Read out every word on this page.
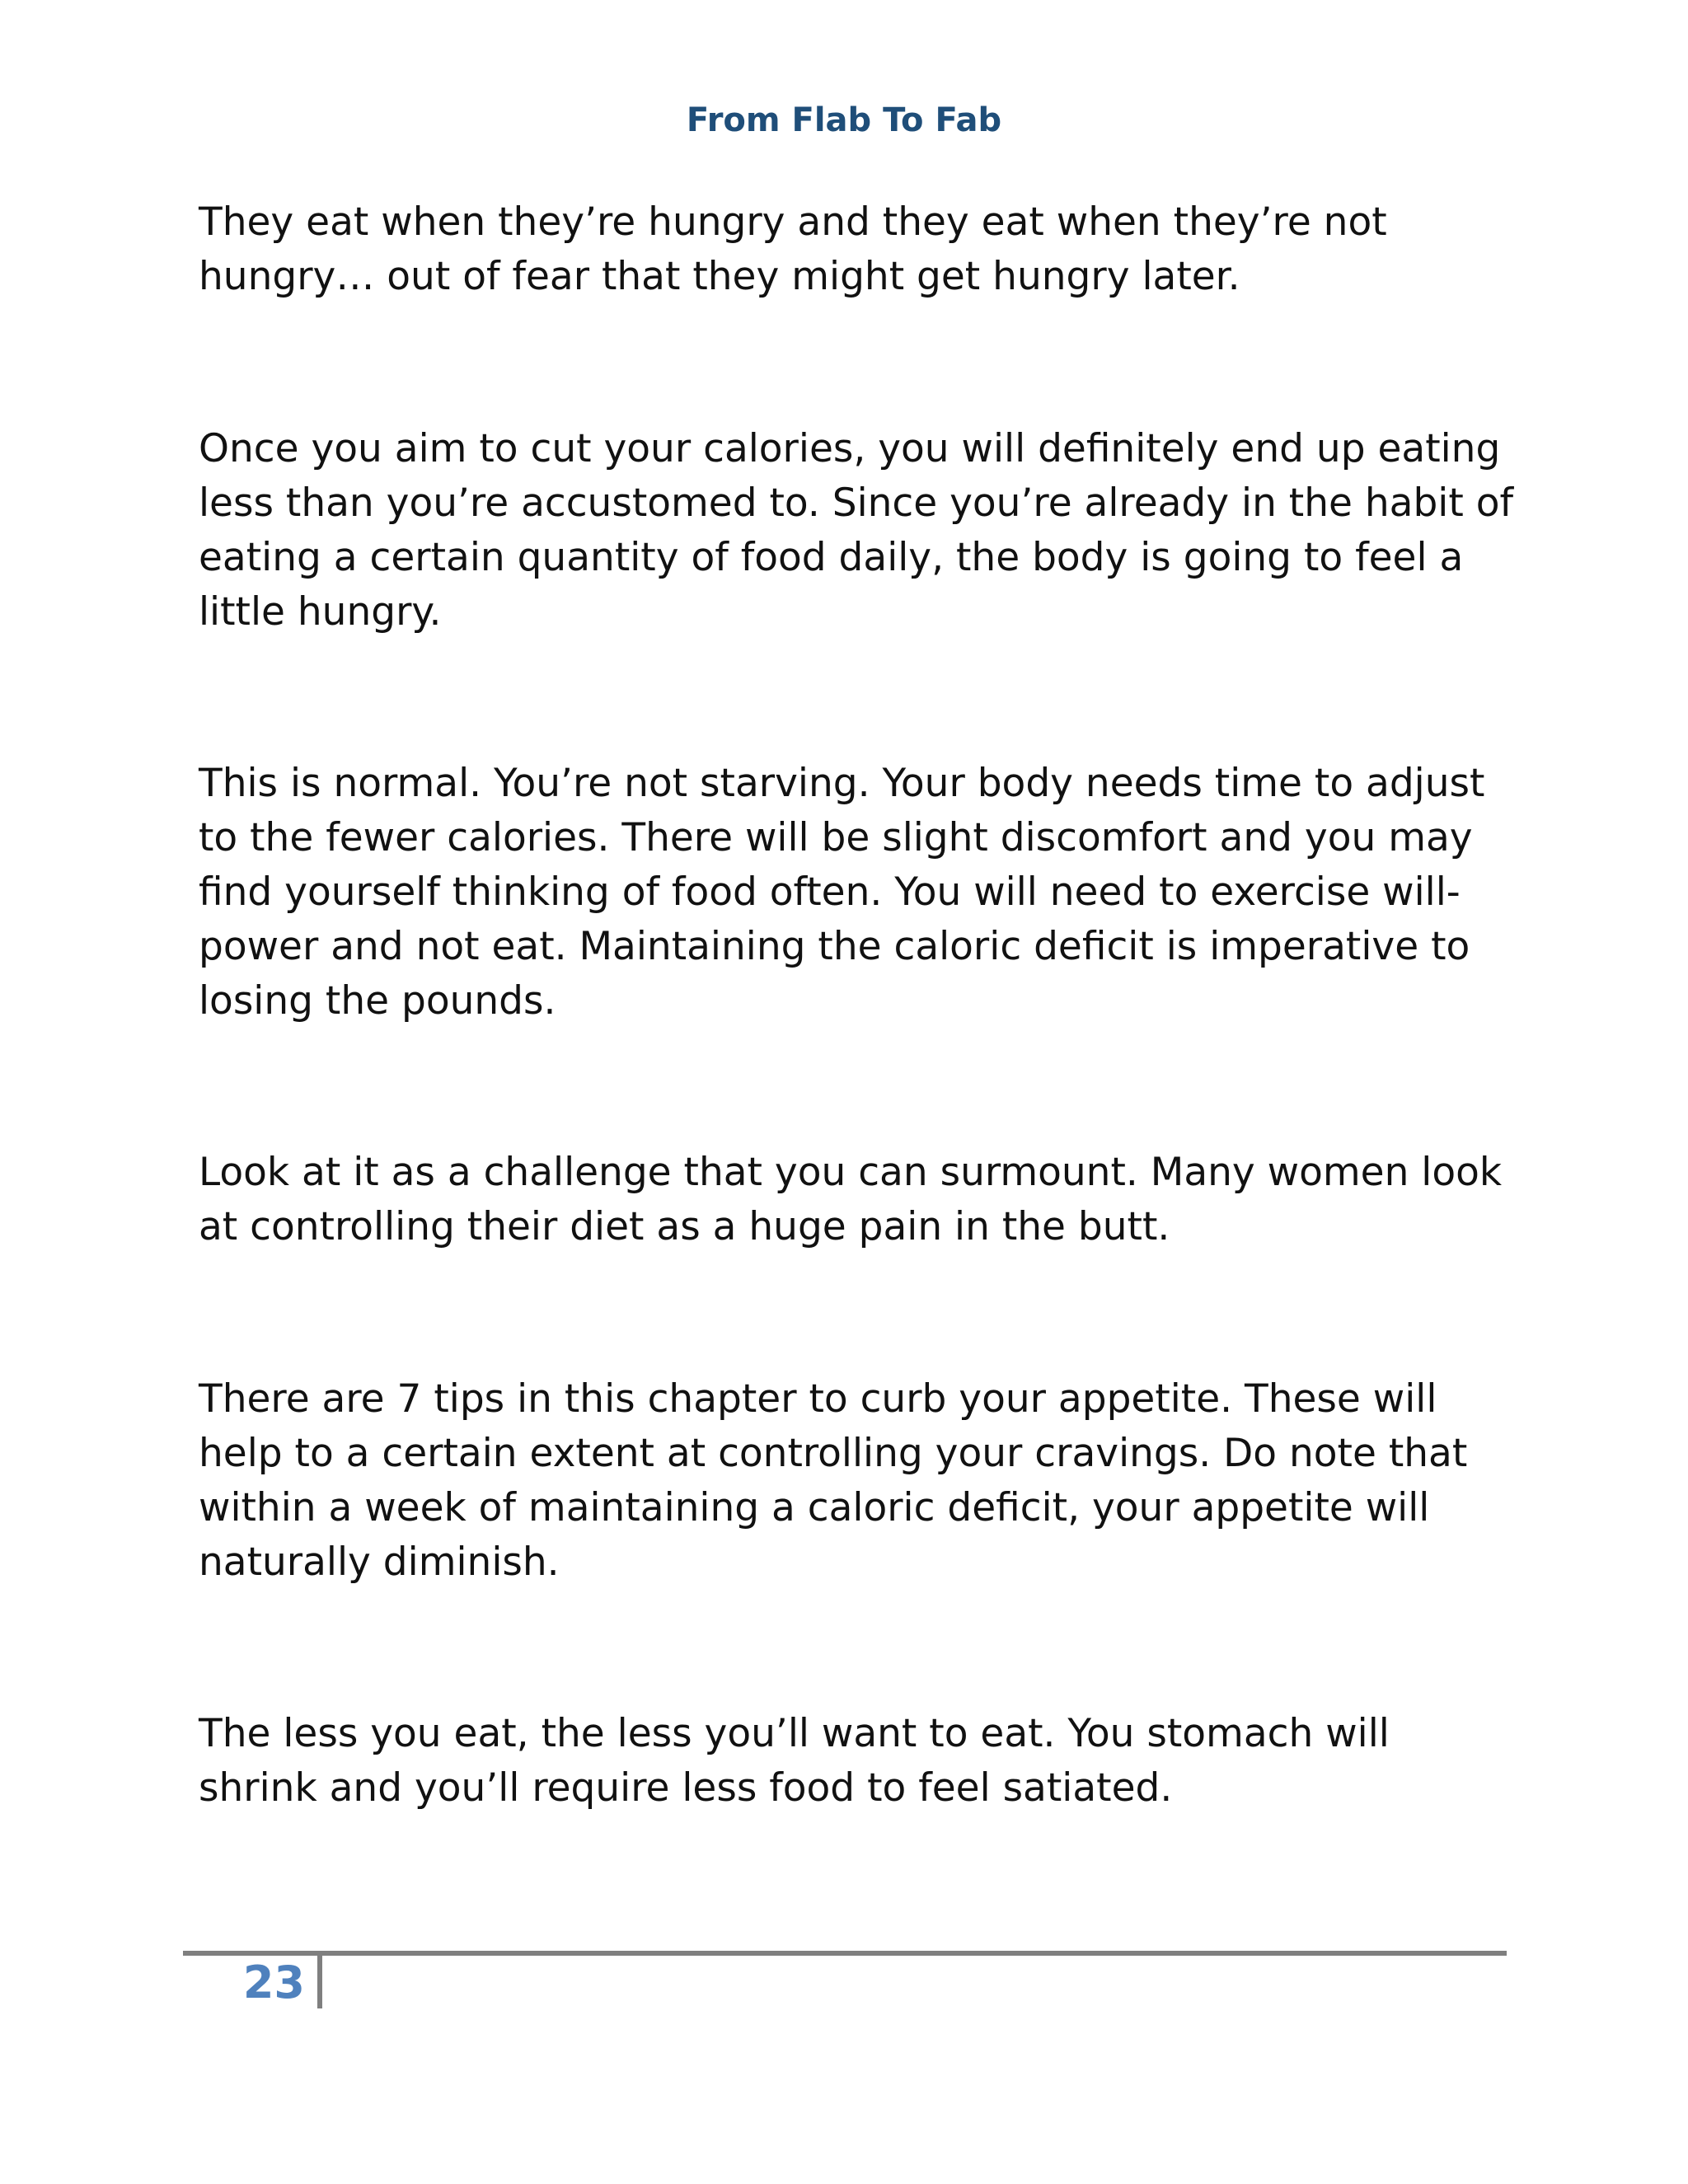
From Flab To Fab

They eat when they’re hungry and they eat when they’re not hungry… out of fear that they might get hungry later.

Once you aim to cut your calories, you will definitely end up eating less than you’re accustomed to. Since you’re already in the habit of eating a certain quantity of food daily, the body is going to feel a little hungry.

This is normal. You’re not starving. Your body needs time to adjust to the fewer calories. There will be slight discomfort and you may find yourself thinking of food often. You will need to exercise will-power and not eat. Maintaining the caloric deficit is imperative to losing the pounds.

Look at it as a challenge that you can surmount. Many women look at controlling their diet as a huge pain in the butt.

There are 7 tips in this chapter to curb your appetite. These will help to a certain extent at controlling your cravings. Do note that within a week of maintaining a caloric deficit, your appetite will naturally diminish.

The less you eat, the less you’ll want to eat. You stomach will shrink and you’ll require less food to feel satiated.

23
